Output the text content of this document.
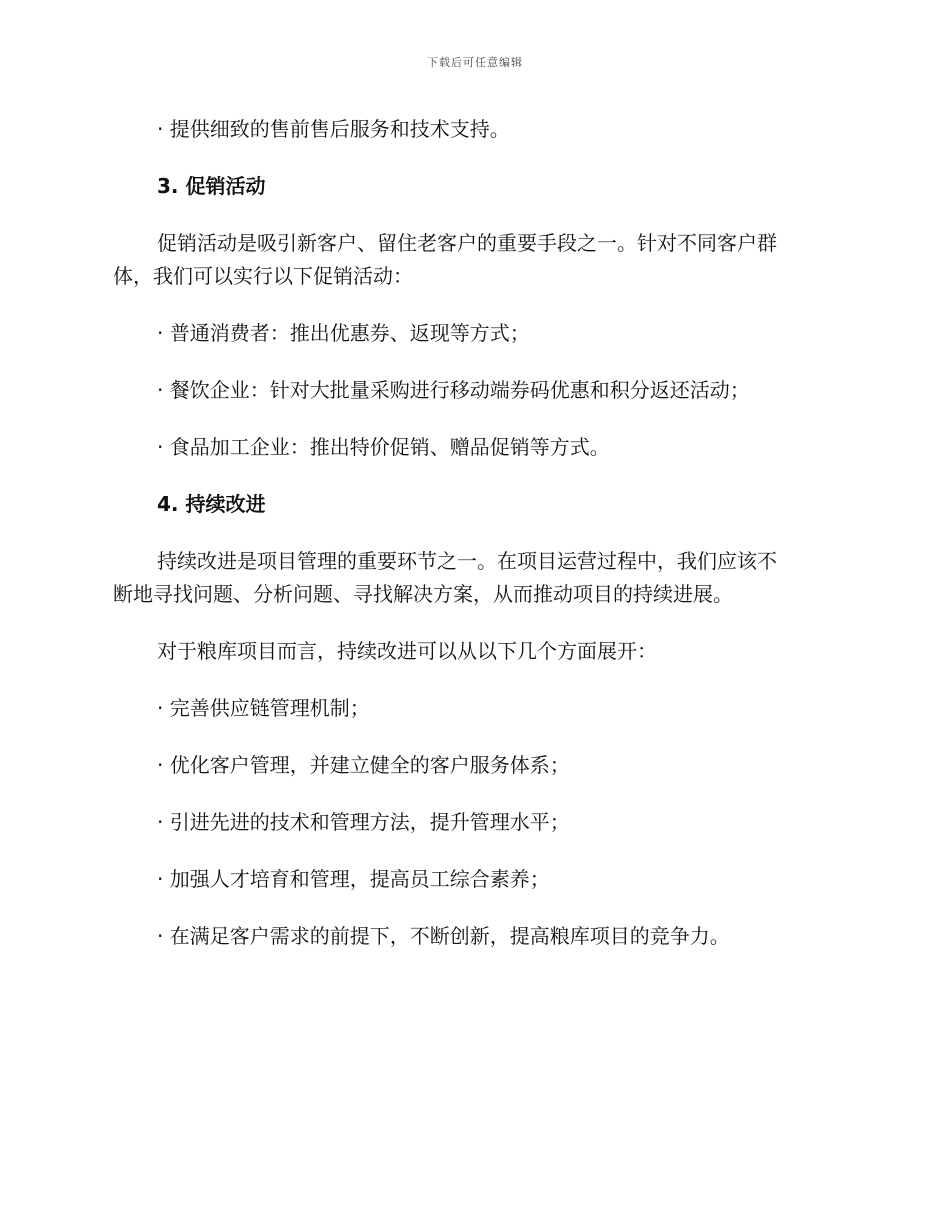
下载后可任意编辑

· 提供细致的售前售后服务和技术支持。

3. 促销活动

促销活动是吸引新客户、留住老客户的重要手段之一。针对不同客户群

体，我们可以实行以下促销活动：

· 普通消费者：推出优惠券、返现等方式；

· 餐饮企业：针对大批量采购进行移动端券码优惠和积分返还活动；

· 食品加工企业：推出特价促销、赠品促销等方式。

4. 持续改进

持续改进是项目管理的重要环节之一。在项目运营过程中，我们应该不

断地寻找问题、分析问题、寻找解决方案，从而推动项目的持续进展。

对于粮库项目而言，持续改进可以从以下几个方面展开：

· 完善供应链管理机制；

· 优化客户管理，并建立健全的客户服务体系；

· 引进先进的技术和管理方法，提升管理水平；

· 加强人才培育和管理，提高员工综合素养；

· 在满足客户需求的前提下，不断创新，提高粮库项目的竞争力。
